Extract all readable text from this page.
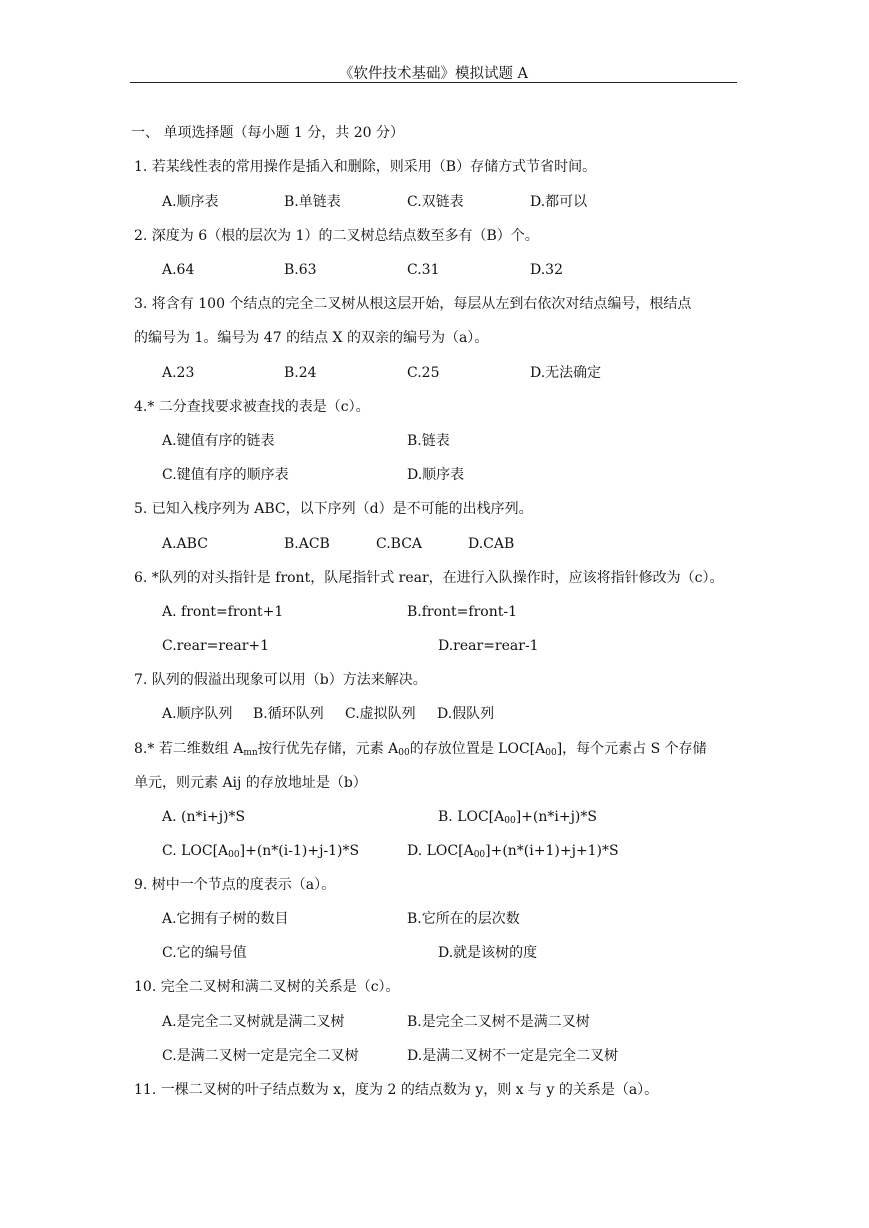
《软件技术基础》模拟试题 A
一、 单项选择题（每小题 1 分，共 20 分）
1. 若某线性表的常用操作是插入和删除，则采用（B）存储方式节省时间。
A.顺序表	B.单链表	C.双链表	D.都可以
2. 深度为 6（根的层次为 1）的二叉树总结点数至多有（B）个。
A.64	B.63	C.31	D.32
3. 将含有 100 个结点的完全二叉树从根这层开始，每层从左到右依次对结点编号，根结点
的编号为 1。编号为 47 的结点 X 的双亲的编号为（a）。
A.23	B.24	C.25	D.无法确定
4.* 二分查找要求被查找的表是（c）。
A.键值有序的链表	B.链表
C.键值有序的顺序表	D.顺序表
5. 已知入栈序列为 ABC，以下序列（d）是不可能的出栈序列。
A.ABC	B.ACB	C.BCA	D.CAB
6. *队列的对头指针是 front，队尾指针式 rear，在进行入队操作时，应该将指针修改为（c）。
A. front=front+1	B.front=front-1
C.rear=rear+1	D.rear=rear-1
7. 队列的假溢出现象可以用（b）方法来解决。
A.顺序队列 B.循环队列 C.虚拟队列 D.假队列
8.* 若二维数组 $A_{mn}$按行优先存储，元素 $A_{00}$的存放位置是 $LOC[A_{00}]$，每个元素占 S 个存储
单元，则元素 Aij 的存放地址是（b）
A. (n*i+j)*S	B. $LOC[A_{00}]+(n*i+j)*S$
C. $LOC[A_{00}]+(n*(i-1)+j-1)*S$	D. $LOC[A_{00}]+(n*(i+1)+j+1)*S$
9. 树中一个节点的度表示（a）。
A.它拥有子树的数目	B.它所在的层次数
C.它的编号值	D.就是该树的度
10. 完全二叉树和满二叉树的关系是（c）。
A.是完全二叉树就是满二叉树	B.是完全二叉树不是满二叉树
C.是满二叉树一定是完全二叉树	D.是满二叉树不一定是完全二叉树
11. 一棵二叉树的叶子结点数为 x，度为 2 的结点数为 y，则 x 与 y 的关系是（a）。
